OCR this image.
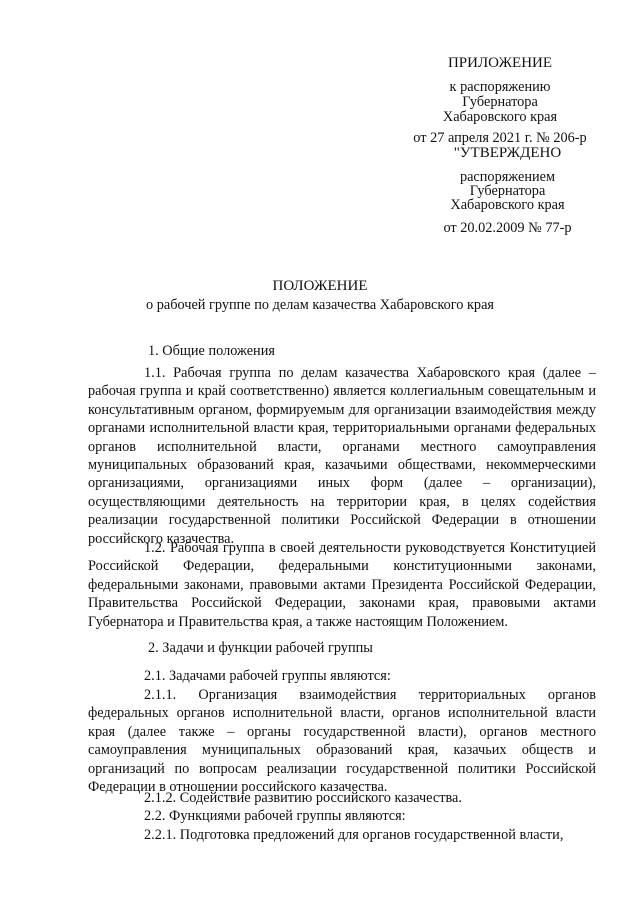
ПРИЛОЖЕНИЕ
к распоряжению
Губернатора
Хабаровского края
от 27 апреля 2021 г. № 206-р
"УТВЕРЖДЕНО
распоряжением
Губернатора
Хабаровского края
от 20.02.2009 № 77-р
ПОЛОЖЕНИЕ
о рабочей группе по делам казачества Хабаровского края
1. Общие положения

1.1. Рабочая группа по делам казачества Хабаровского края (далее – рабочая группа и край соответственно) является коллегиальным совещательным и консультативным органом, формируемым для организации взаимодействия между органами исполнительной власти края, территориальными органами федеральных органов исполнительной власти, органами местного самоуправления муниципальных образований края, казачьими обществами, некоммерческими организациями, организациями иных форм (далее – организации), осуществляющими деятельность на территории края, в целях содействия реализации государственной политики Российской Федерации в отношении российского казачества.

1.2. Рабочая группа в своей деятельности руководствуется Конституцией Российской Федерации, федеральными конституционными законами, федеральными законами, правовыми актами Президента Российской Федерации, Правительства Российской Федерации, законами края, правовыми актами Губернатора и Правительства края, а также настоящим Положением.

2. Задачи и функции рабочей группы

2.1. Задачами рабочей группы являются:

2.1.1. Организация взаимодействия территориальных органов федеральных органов исполнительной власти, органов исполнительной власти края (далее также – органы государственной власти), органов местного самоуправления муниципальных образований края, казачьих обществ и организаций по вопросам реализации государственной политики Российской Федерации в отношении российского казачества.

2.1.2. Содействие развитию российского казачества.

2.2. Функциями рабочей группы являются:

2.2.1. Подготовка предложений для органов государственной власти,
